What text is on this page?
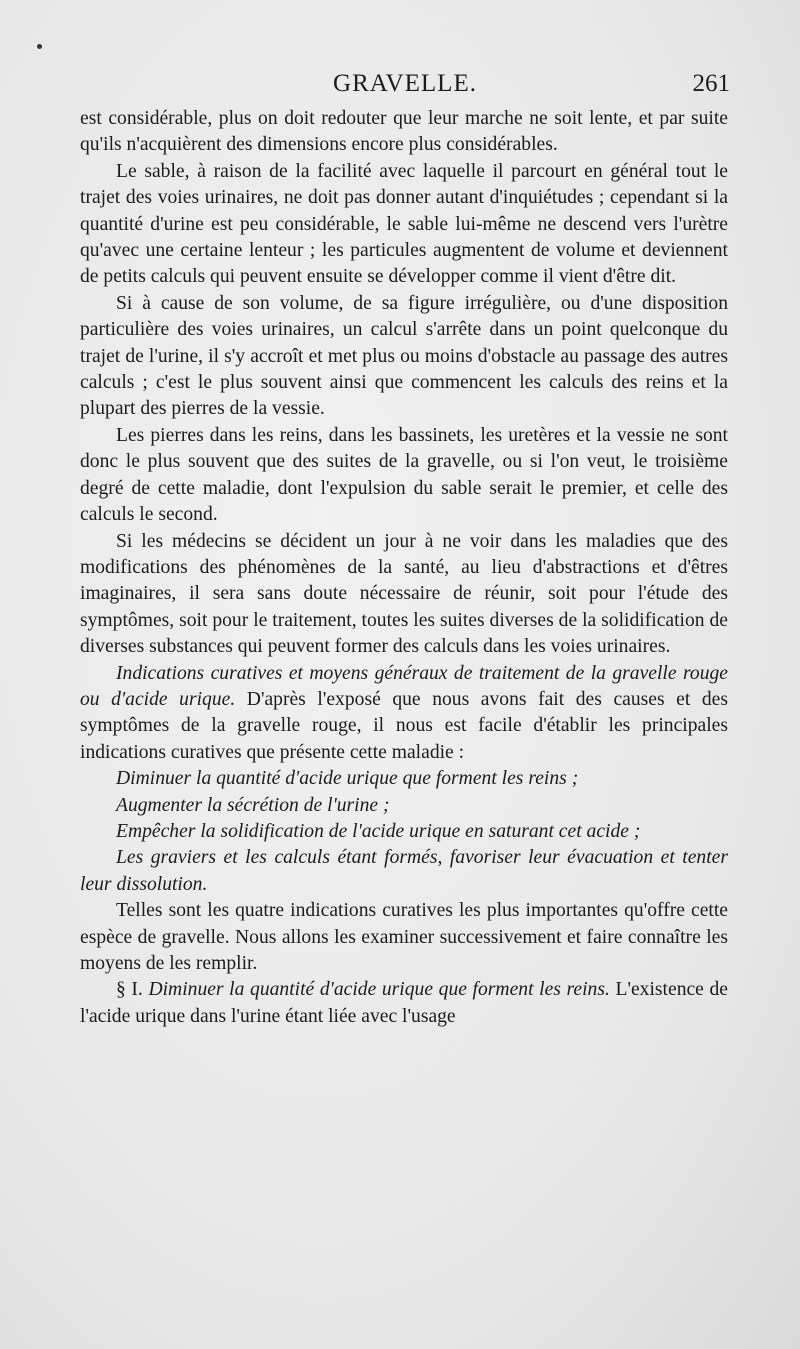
GRAVELLE.	261

est considérable, plus on doit redouter que leur marche ne soit lente, et par suite qu'ils n'acquièrent des dimensions encore plus considérables.

Le sable, à raison de la facilité avec laquelle il parcourt en général tout le trajet des voies urinaires, ne doit pas donner autant d'inquiétudes ; cependant si la quantité d'urine est peu considérable, le sable lui-même ne descend vers l'urètre qu'avec une certaine lenteur ; les particules augmentent de volume et deviennent de petits calculs qui peuvent ensuite se développer comme il vient d'être dit.

Si à cause de son volume, de sa figure irrégulière, ou d'une disposition particulière des voies urinaires, un calcul s'arrête dans un point quelconque du trajet de l'urine, il s'y accroît et met plus ou moins d'obstacle au passage des autres calculs ; c'est le plus souvent ainsi que commencent les calculs des reins et la plupart des pierres de la vessie.

Les pierres dans les reins, dans les bassinets, les uretères et la vessie ne sont donc le plus souvent que des suites de la gravelle, ou si l'on veut, le troisième degré de cette maladie, dont l'expulsion du sable serait le premier, et celle des calculs le second.

Si les médecins se décident un jour à ne voir dans les maladies que des modifications des phénomènes de la santé, au lieu d'abstractions et d'êtres imaginaires, il sera sans doute nécessaire de réunir, soit pour l'étude des symptômes, soit pour le traitement, toutes les suites diverses de la solidification de diverses substances qui peuvent former des calculs dans les voies urinaires.

Indications curatives et moyens généraux de traitement de la gravelle rouge ou d'acide urique. D'après l'exposé que nous avons fait des causes et des symptômes de la gravelle rouge, il nous est facile d'établir les principales indications curatives que présente cette maladie :

Diminuer la quantité d'acide urique que forment les reins ;

Augmenter la sécrétion de l'urine ;

Empêcher la solidification de l'acide urique en saturant cet acide ;

Les graviers et les calculs étant formés, favoriser leur évacuation et tenter leur dissolution.

Telles sont les quatre indications curatives les plus importantes qu'offre cette espèce de gravelle. Nous allons les examiner successivement et faire connaître les moyens de les remplir.

§ I. Diminuer la quantité d'acide urique que forment les reins. L'existence de l'acide urique dans l'urine étant liée avec l'usage
